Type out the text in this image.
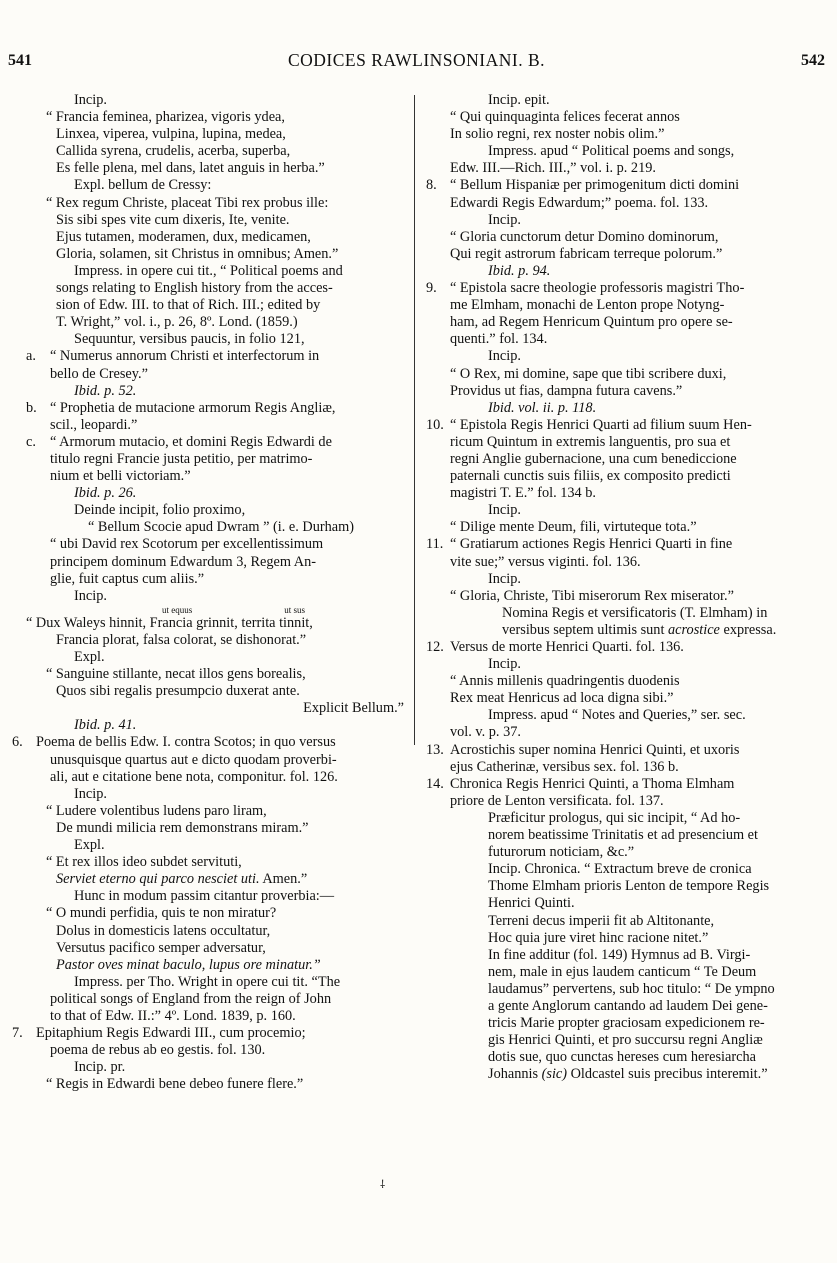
541	CODICES RAWLINSONIANI. B.	542
Incip.
“ Francia feminea, pharizea, vigoris ydea,
Linxea, viperea, vulpina, lupina, medea,
Callida syrena, crudelis, acerba, superba,
Es felle plena, mel dans, latet anguis in herba.”
Expl. bellum de Cressy:
“ Rex regum Christe, placeat Tibi rex probus ille:
Sis sibi spes vite cum dixeris, Ite, venite.
Ejus tutamen, moderamen, dux, medicamen,
Gloria, solamen, sit Christus in omnibus; Amen.”
Impress. in opere cui tit., “ Political poems and
songs relating to English history from the acces-
sion of Edw. III. to that of Rich. III.; edited by
T. Wright,” vol. i., p. 26, 8º. Lond. (1859.)
Sequuntur, versibus paucis, in folio 121,
a. “ Numerus annorum Christi et interfectorum in
bello de Cresey.”
Ibid. p. 52.
b. “ Prophetia de mutacione armorum Regis Angliæ,
scil., leopardi.”
c. “ Armorum mutacio, et domini Regis Edwardi de
titulo regni Francie justa petitio, per matrimo-
nium et belli victoriam.”
Ibid. p. 26.
Deinde incipit, folio proximo,
“ Bellum Scocie apud Dwram ” (i. e. Durham)
“ ubi David rex Scotorum per excellentissimum
principem dominum Edwardum 3, Regem An-
glie, fuit captus cum aliis.”
Incip.
ut equus	ut sus
“ Dux Waleys hinnit, Francia grinnit, territa tinnit,
Francia plorat, falsa colorat, se dishonorat.”
Expl.
“ Sanguine stillante, necat illos gens borealis,
Quos sibi regalis presumpcio duxerat ante.
Explicit Bellum.”
Ibid. p. 41.
6. Poema de bellis Edw. I. contra Scotos; in quo versus
unusquisque quartus aut e dicto quodam proverbi-
ali, aut e citatione bene nota, componitur. fol. 126.
Incip.
“ Ludere volentibus ludens paro liram,
De mundi milicia rem demonstrans miram.”
Expl.
“ Et rex illos ideo subdet servituti,
Serviet eterno qui parco nesciet uti. Amen.”
Hunc in modum passim citantur proverbia:—
“ O mundi perfidia, quis te non miratur?
Dolus in domesticis latens occultatur,
Versutus pacifico semper adversatur,
Pastor oves minat baculo, lupus ore minatur.”
Impress. per Tho. Wright in opere cui tit. “The
political songs of England from the reign of John
to that of Edw. II.:” 4º. Lond. 1839, p. 160.
7. Epitaphium Regis Edwardi III., cum procemio;
poema de rebus ab eo gestis. fol. 130.
Incip. pr.
“ Regis in Edwardi bene debeo funere flere.”
Incip. epit.
“ Qui quinquaginta felices fecerat annos
In solio regni, rex noster nobis olim.”
Impress. apud “ Political poems and songs,
Edw. III.—Rich. III.,” vol. i. p. 219.
8. “ Bellum Hispaniæ per primogenitum dicti domini
Edwardi Regis Edwardum;” poema. fol. 133.
Incip.
“ Gloria cunctorum detur Domino dominorum,
Qui regit astrorum fabricam terreque polorum.”
Ibid. p. 94.
9. “ Epistola sacre theologie professoris magistri Tho-
me Elmham, monachi de Lenton prope Notyng-
ham, ad Regem Henricum Quintum pro opere se-
quenti.” fol. 134.
Incip.
“ O Rex, mi domine, sape que tibi scribere duxi,
Providus ut fias, dampna futura cavens.”
Ibid. vol. ii. p. 118.
10. “ Epistola Regis Henrici Quarti ad filium suum Hen-
ricum Quintum in extremis languentis, pro sua et
regni Anglie gubernacione, una cum benediccione
paternali cunctis suis filiis, ex composito predicti
magistri T. E.” fol. 134 b.
Incip.
“ Dilige mente Deum, fili, virtuteque tota.”
11. “ Gratiarum actiones Regis Henrici Quarti in fine
vite sue;” versus viginti. fol. 136.
Incip.
“ Gloria, Christe, Tibi miserorum Rex miserator.”
Nomina Regis et versificatoris (T. Elmham) in
versibus septem ultimis sunt acrostice expressa.
12. Versus de morte Henrici Quarti. fol. 136.
Incip.
“ Annis millenis quadringentis duodenis
Rex meat Henricus ad loca digna sibi.”
Impress. apud “ Notes and Queries,” ser. sec.
vol. v. p. 37.
13. Acrostichis super nomina Henrici Quinti, et uxoris
ejus Catherinæ, versibus sex. fol. 136 b.
14. Chronica Regis Henrici Quinti, a Thoma Elmham
priore de Lenton versificata. fol. 137.
Præficitur prologus, qui sic incipit, “ Ad ho-
norem beatissime Trinitatis et ad presencium et
futurorum noticiam, &c.”
Incip. Chronica. “ Extractum breve de cronica
Thome Elmham prioris Lenton de tempore Regis
Henrici Quinti.
Terreni decus imperii fit ab Altitonante,
Hoc quia jure viret hinc racione nitet.”
In fine additur (fol. 149) Hymnus ad B. Virgi-
nem, male in ejus laudem canticum “ Te Deum
laudamus” pervertens, sub hoc titulo: “ De ympno
a gente Anglorum cantando ad laudem Dei gene-
tricis Marie propter graciosam expedicionem re-
gis Henrici Quinti, et pro succursu regni Angliæ
dotis sue, quo cunctas hereses cum heresiarcha
Johannis (sic) Oldcastel suis precibus interemit.”
⸸
